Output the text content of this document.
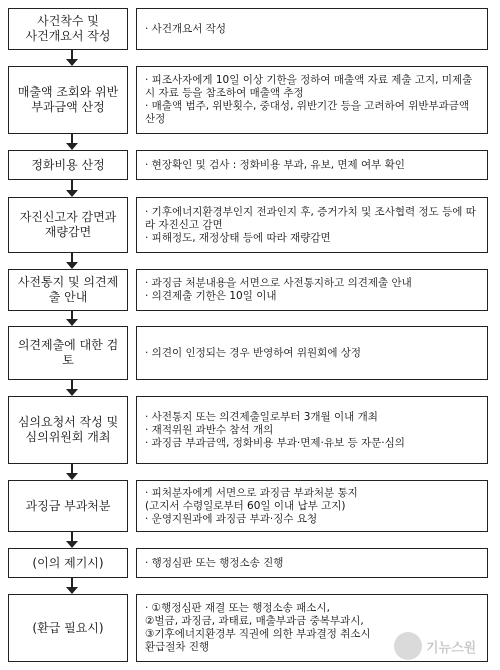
사건착수 및
사건개요서 작성
· 사건개요서 작성
매출액 조회와 위반
부과금액 산정
· 피조사자에게 10일 이상 기한을 정하여 매출액 자료 제출 고지, 미제출시 자료 등을 참조하여 매출액 추정
· 매출액 범주, 위반횟수, 중대성, 위반기간 등을 고려하여 위반부과금액 산정
정화비용 산정	· 현장확인 및 검사 : 정화비용 부과, 유보, 면제 여부 확인
자진신고자 감면과
재량감면
· 기후에너지환경부인지 전과인지 후, 증거가치 및 조사협력 정도 등에 따라 자진신고 감면
· 피해정도, 재정상태 등에 따라 재량감면
사전통지 및 의견제
출 안내
· 과징금 처분내용을 서면으로 사전통지하고 의견제출 안내
· 의견제출 기한은 10일 이내
의견제출에 대한 검
토
· 의견이 인정되는 경우 반영하여 위원회에 상정
심의요청서 작성 및
심의위원회 개최
· 사전통지 또는 의견제출일로부터 3개월 이내 개최
· 재적위원 과반수 참석 개의
· 과징금 부과금액, 정화비용 부과·면제·유보 등 자문·심의
과징금 부과처분
· 피처분자에게 서면으로 과징금 부과처분 통지
(고지서 수령일로부터 60일 이내 납부 고지)
· 운영지원과에 과징금 부과·징수 요청
(이의 제기시)	· 행정심판 또는 행정소송 진행
(환급 필요시)
· ①행정심판 재결 또는 행정소송 패소시,
②벌금, 과징금, 과태료, 매출부과금 중복부과시,
③기후에너지환경부 직권에 의한 부과결정 취소시
환급절차 진행	기뉴스원
